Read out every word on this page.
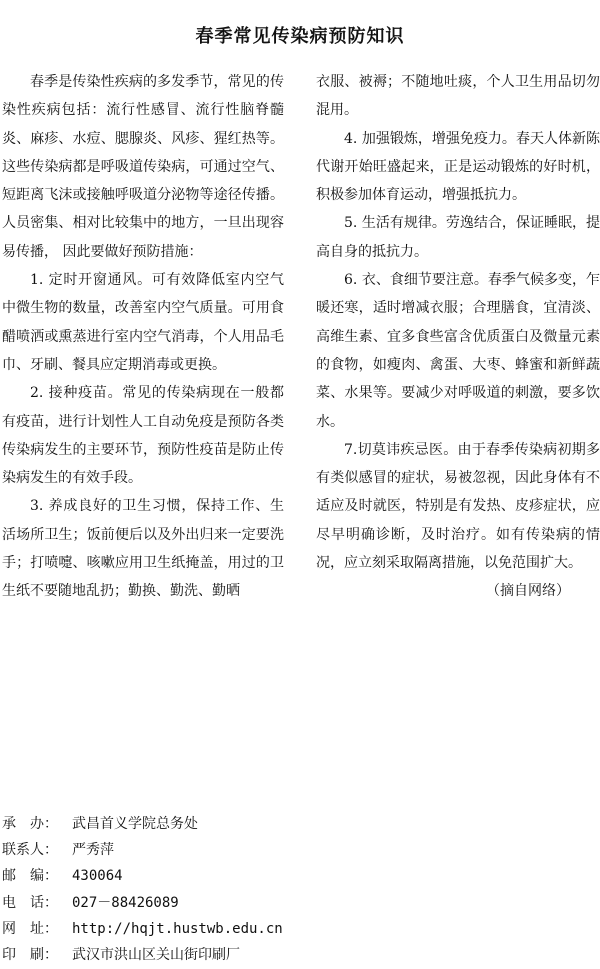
春季常见传染病预防知识

春季是传染性疾病的多发季节，常见的传染性疾病包括：流行性感冒、流行性脑脊髓炎、麻疹、水痘、腮腺炎、风疹、猩红热等。这些传染病都是呼吸道传染病，可通过空气、短距离飞沫或接触呼吸道分泌物等途径传播。人员密集、相对比较集中的地方，一旦出现容易传播， 因此要做好预防措施：

1. 定时开窗通风。可有效降低室内空气中微生物的数量，改善室内空气质量。可用食醋喷洒或熏蒸进行室内空气消毒，个人用品毛巾、牙刷、餐具应定期消毒或更换。

2. 接种疫苗。常见的传染病现在一般都有疫苗，进行计划性人工自动免疫是预防各类传染病发生的主要环节，预防性疫苗是防止传染病发生的有效手段。

3. 养成良好的卫生习惯，保持工作、生活场所卫生；饭前便后以及外出归来一定要洗手；打喷嚏、咳嗽应用卫生纸掩盖，用过的卫生纸不要随地乱扔；勤换、勤洗、勤晒

衣服、被褥；不随地吐痰，个人卫生用品切勿混用。

4. 加强锻炼，增强免疫力。春天人体新陈代谢开始旺盛起来，正是运动锻炼的好时机，积极参加体育运动，增强抵抗力。

5. 生活有规律。劳逸结合，保证睡眠，提高自身的抵抗力。

6. 衣、食细节要注意。春季气候多变，乍暖还寒，适时增减衣服；合理膳食，宜清淡、高维生素、宜多食些富含优质蛋白及微量元素的食物，如瘦肉、禽蛋、大枣、蜂蜜和新鲜蔬菜、水果等。要减少对呼吸道的刺激，要多饮水。

7.切莫讳疾忌医。由于春季传染病初期多有类似感冒的症状，易被忽视，因此身体有不适应及时就医，特别是有发热、皮疹症状，应尽早明确诊断，及时治疗。如有传染病的情况，应立刻采取隔离措施，以免范围扩大。
（摘自网络）

承　办： 武昌首义学院总务处
联系人： 严秀萍
邮　编： 430064
电　话： 027－88426089
网　址： http://hqjt.hustwb.edu.cn
印　刷： 武汉市洪山区关山街印刷厂
